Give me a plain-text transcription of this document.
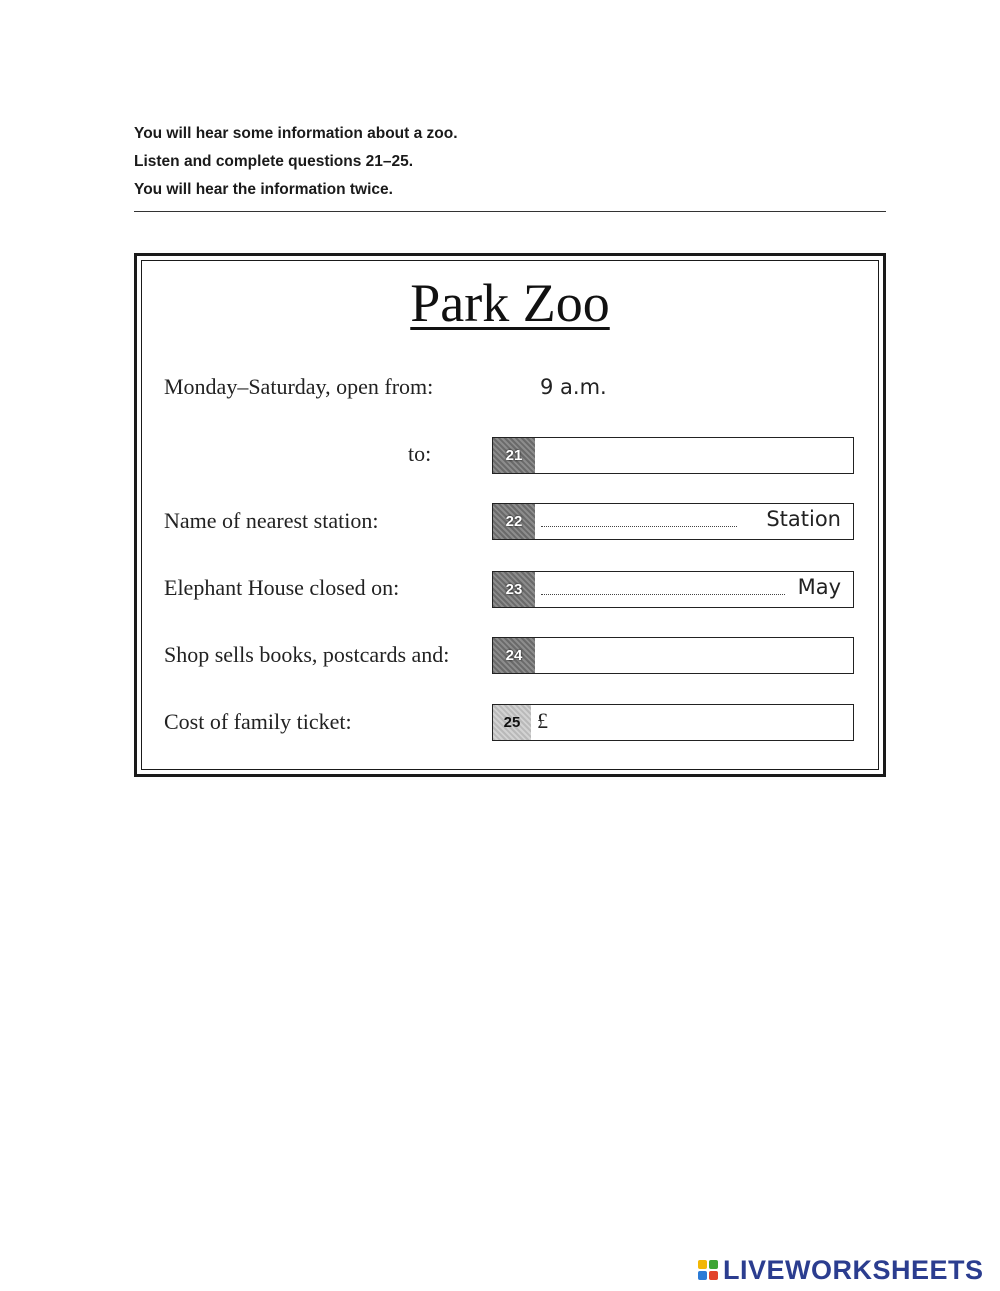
You will hear some information about a zoo.
Listen and complete questions 21–25.
You will hear the information twice.
Park Zoo
Monday–Saturday, open from:	9 a.m.
to:	21
Name of nearest station:	22	Station
Elephant House closed on:	23	May
Shop sells books, postcards and:	24
Cost of family ticket:	25 £
LIVEWORKSHEETS
